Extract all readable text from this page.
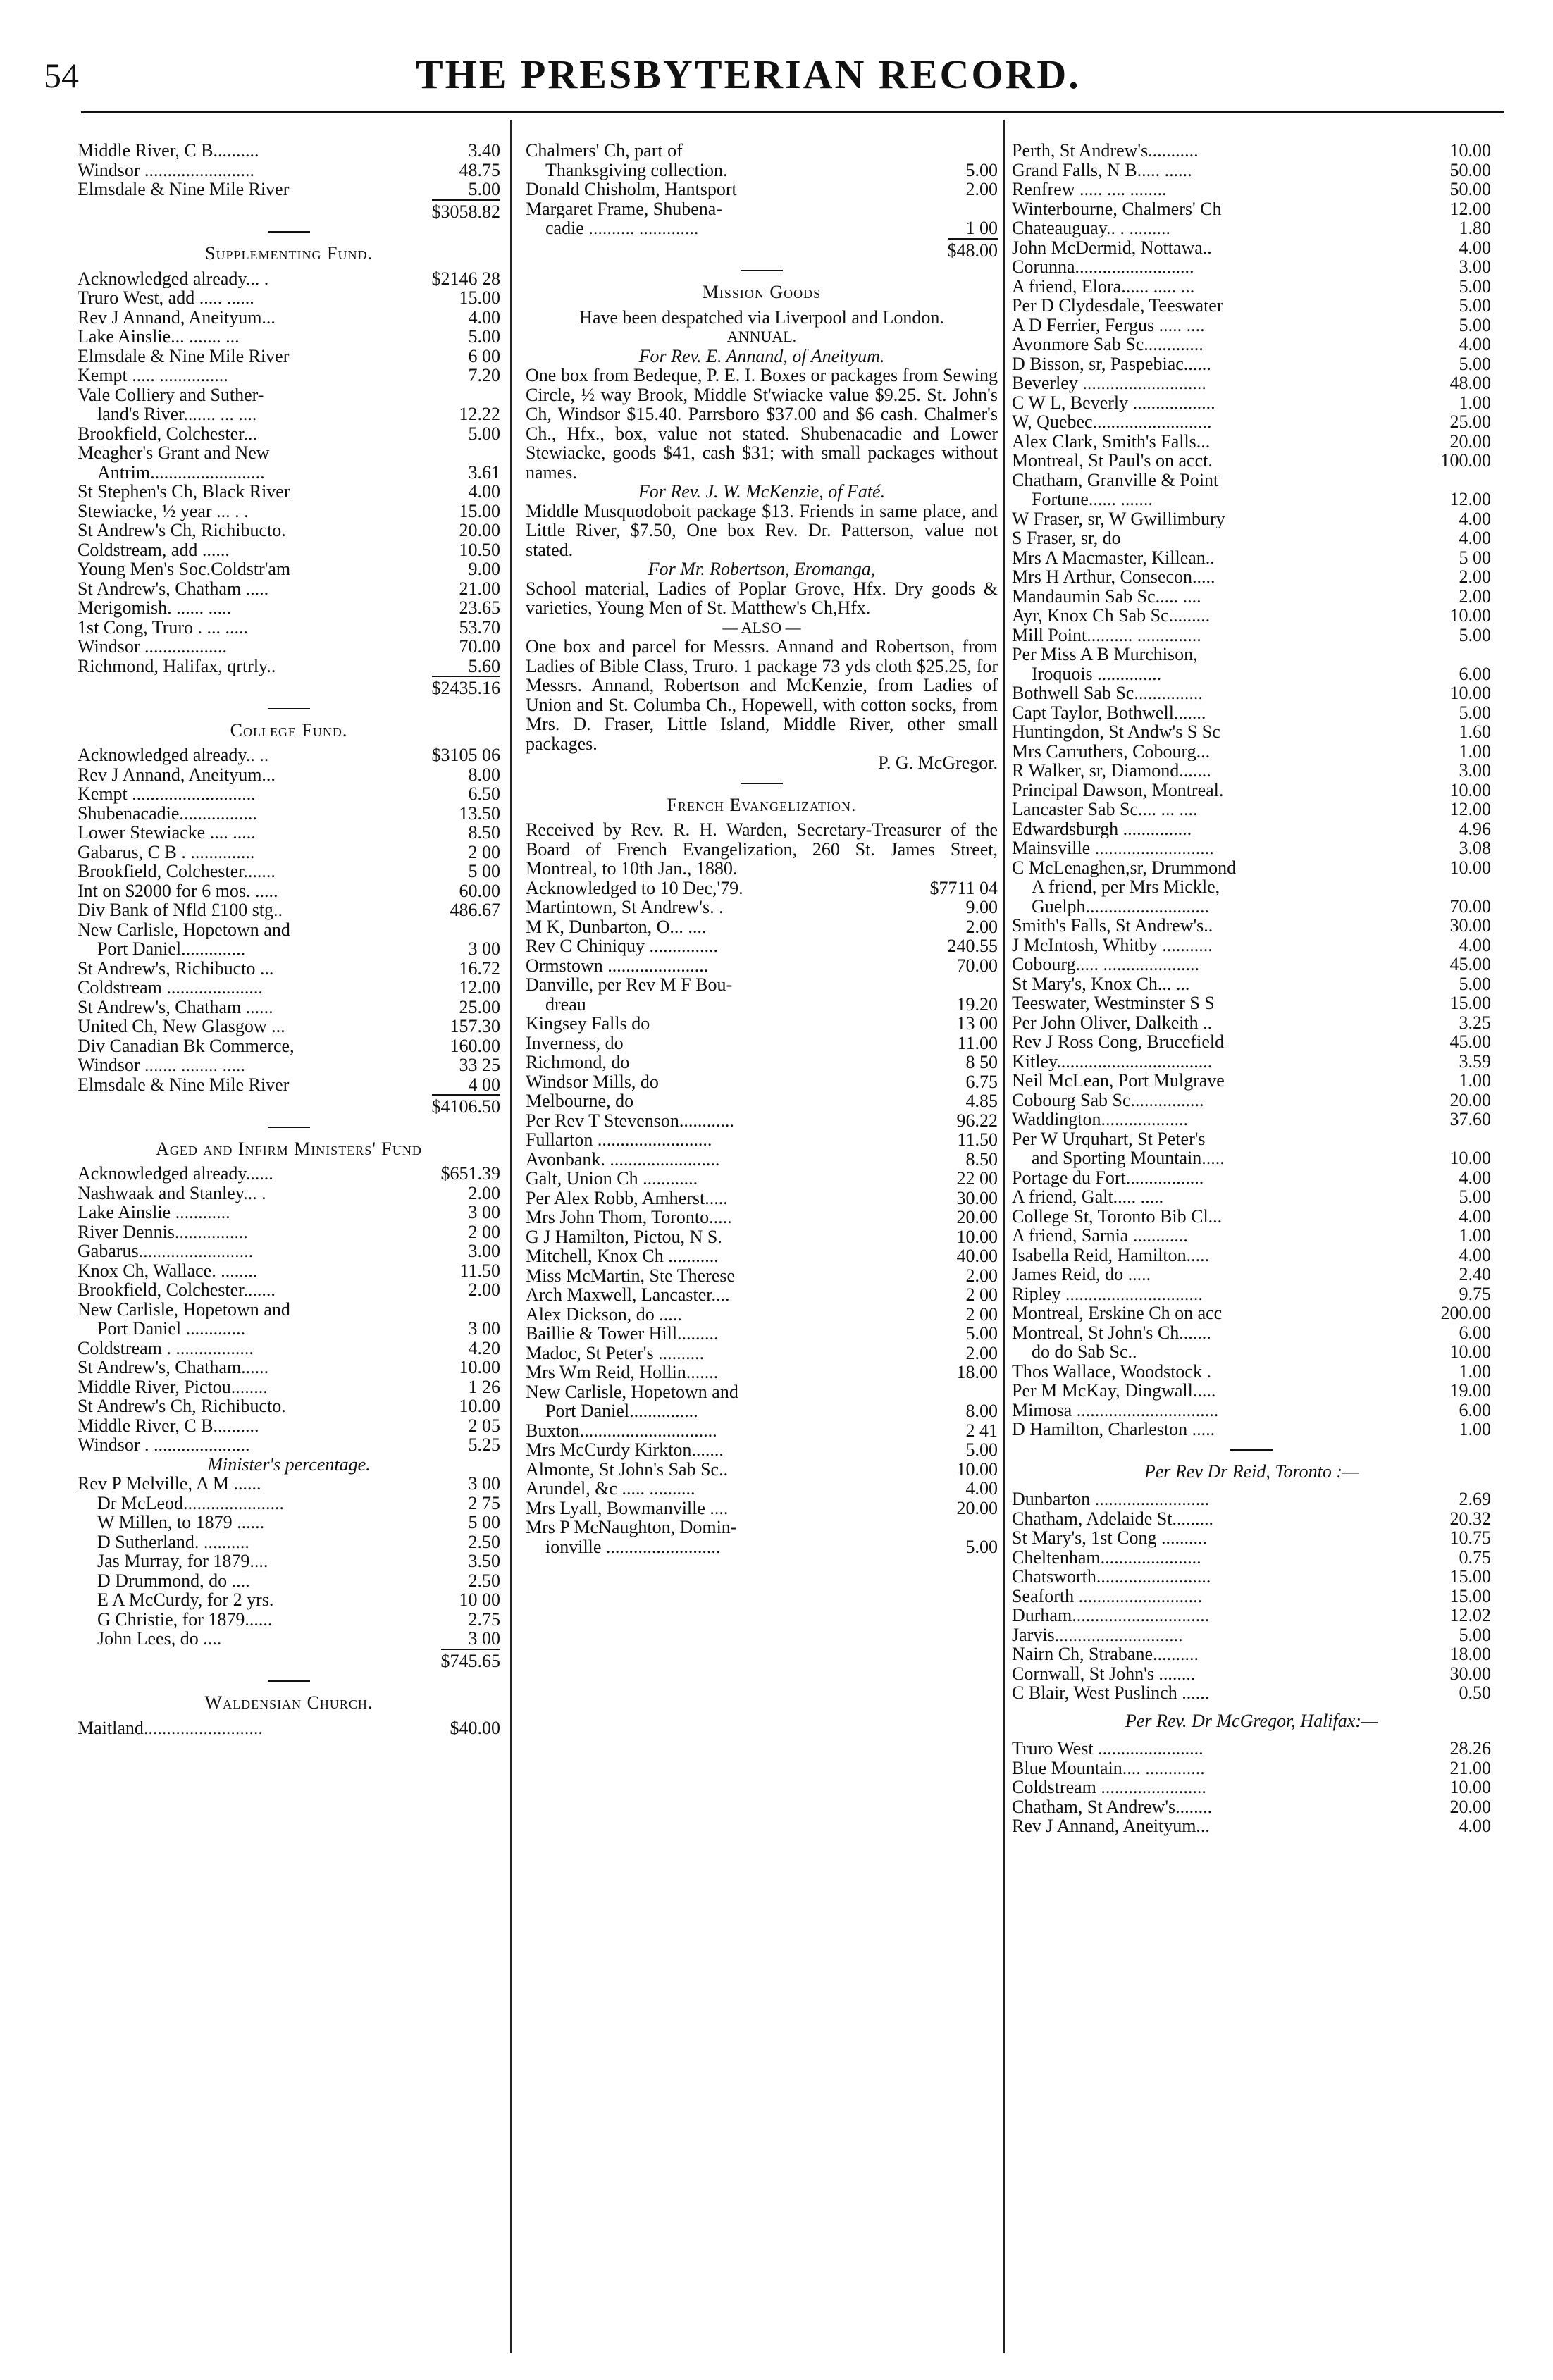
54	THE PRESBYTERIAN RECORD.
Middle River, C B..........	3.40
Windsor ........................	48.75
Elmsdale & Nine Mile River	5.00
$3058.82
Supplementing Fund.
Acknowledged already... .	$2146 28
Truro West, add ..... ......	15.00
Rev J Annand, Aneityum...	4.00
Lake Ainslie... ....... ...	5.00
Elmsdale & Nine Mile River	6 00
Kempt ..... ...............	7.20
Vale Colliery and Suther-
land's River....... ... ....	12.22
Brookfield, Colchester...	5.00
Meagher's Grant and New
Antrim.........................	3.61
St Stephen's Ch, Black River	4.00
Stewiacke, ½ year ... . .	15.00
St Andrew's Ch, Richibucto.	20.00
Coldstream, add ......	10.50
Young Men's Soc.Coldstr'am	9.00
St Andrew's, Chatham .....	21.00
Merigomish. ...... .....	23.65
1st Cong, Truro . ... .....	53.70
Windsor ..................	70.00
Richmond, Halifax, qrtrly..	5.60
$2435.16
College Fund.
Acknowledged already.. ..	$3105 06
Rev J Annand, Aneityum...	8.00
Kempt ...........................	6.50
Shubenacadie.................	13.50
Lower Stewiacke .... .....	8.50
Gabarus, C B . ..............	2 00
Brookfield, Colchester.......	5 00
Int on $2000 for 6 mos. .....	60.00
Div Bank of Nfld £100 stg..	486.67
New Carlisle, Hopetown and
Port Daniel..............	3 00
St Andrew's, Richibucto ...	16.72
Coldstream .....................	12.00
St Andrew's, Chatham ......	25.00
United Ch, New Glasgow ...	157.30
Div Canadian Bk Commerce,	160.00
Windsor ....... ........ .....	33 25
Elmsdale & Nine Mile River	4 00
$4106.50
Aged and Infirm Ministers' Fund
Acknowledged already......	$651.39
Nashwaak and Stanley... .	2.00
Lake Ainslie ............	3 00
River Dennis................	2 00
Gabarus.........................	3.00
Knox Ch, Wallace. ........	11.50
Brookfield, Colchester.......	2.00
New Carlisle, Hopetown and
Port Daniel .............	3 00
Coldstream . .................	4.20
St Andrew's, Chatham......	10.00
Middle River, Pictou........	1 26
St Andrew's Ch, Richibucto.	10.00
Middle River, C B..........	2 05
Windsor . .....................	5.25
Minister's percentage.
Rev P Melville, A M ......	3 00
Dr McLeod......................	2 75
W Millen, to 1879 ......	5 00
D Sutherland. ..........	2.50
Jas Murray, for 1879....	3.50
D Drummond, do ....	2.50
E A McCurdy, for 2 yrs.	10 00
G Christie, for 1879......	2.75
John Lees, do ....	3 00
$745.65
Waldensian Church.
Maitland..........................	$40.00
Chalmers' Ch, part of
Thanksgiving collection.	5.00
Donald Chisholm, Hantsport	2.00
Margaret Frame, Shubena-
cadie .......... .............	1 00
$48.00
Mission Goods
Have been despatched via Liverpool and London.
ANNUAL.
For Rev. E. Annand, of Aneityum.
One box from Bedeque, P. E. I. Boxes or packages from Sewing Circle, ½ way Brook, Middle St'wiacke value $9.25. St. John's Ch, Windsor $15.40. Parrsboro $37.00 and $6 cash. Chalmer's Ch., Hfx., box, value not stated. Shubenacadie and Lower Stewiacke, goods $41, cash $31; with small packages without names.
For Rev. J. W. McKenzie, of Faté.
Middle Musquodoboit package $13. Friends in same place, and Little River, $7.50, One box Rev. Dr. Patterson, value not stated.
For Mr. Robertson, Eromanga,
School material, Ladies of Poplar Grove, Hfx. Dry goods & varieties, Young Men of St. Matthew's Ch,Hfx.
— ALSO —
One box and parcel for Messrs. Annand and Robertson, from Ladies of Bible Class, Truro. 1 package 73 yds cloth $25.25, for Messrs. Annand, Robertson and McKenzie, from Ladies of Union and St. Columba Ch., Hopewell, with cotton socks, from Mrs. D. Fraser, Little Island, Middle River, other small packages.
P. G. McGregor.
French Evangelization.
Received by Rev. R. H. Warden, Secretary-Treasurer of the Board of French Evangelization, 260 St. James Street, Montreal, to 10th Jan., 1880.
Acknowledged to 10 Dec,'79.	$7711 04
Martintown, St Andrew's. .	9.00
M K, Dunbarton, O... ....	2.00
Rev C Chiniquy ...............	240.55
Ormstown ......................	70.00
Danville, per Rev M F Bou-
dreau	19.20
Kingsey Falls do	13 00
Inverness, do	11.00
Richmond, do	8 50
Windsor Mills, do	6.75
Melbourne, do	4.85
Per Rev T Stevenson............	96.22
Fullarton .........................	11.50
Avonbank. ........................	8.50
Galt, Union Ch ............	22 00
Per Alex Robb, Amherst.....	30.00
Mrs John Thom, Toronto.....	20.00
G J Hamilton, Pictou, N S.	10.00
Mitchell, Knox Ch ...........	40.00
Miss McMartin, Ste Therese	2.00
Arch Maxwell, Lancaster....	2 00
Alex Dickson, do .....	2 00
Baillie & Tower Hill.........	5.00
Madoc, St Peter's ..........	2.00
Mrs Wm Reid, Hollin.......	18.00
New Carlisle, Hopetown and
Port Daniel...............	8.00
Buxton..............................	2 41
Mrs McCurdy Kirkton.......	5.00
Almonte, St John's Sab Sc..	10.00
Arundel, &c ..... ..........	4.00
Mrs Lyall, Bowmanville ....	20.00
Mrs P McNaughton, Domin-
ionville .........................	5.00
Perth, St Andrew's...........	10.00
Grand Falls, N B..... ......	50.00
Renfrew ..... .... ........	50.00
Winterbourne, Chalmers' Ch	12.00
Chateauguay.. . .........	1.80
John McDermid, Nottawa..	4.00
Corunna..........................	3.00
A friend, Elora...... ..... ...	5.00
Per D Clydesdale, Teeswater	5.00
A D Ferrier, Fergus ..... ....	5.00
Avonmore Sab Sc.............	4.00
D Bisson, sr, Paspebiac......	5.00
Beverley ...........................	48.00
C W L, Beverly ..................	1.00
W, Quebec..........................	25.00
Alex Clark, Smith's Falls...	20.00
Montreal, St Paul's on acct.	100.00
Chatham, Granville & Point
Fortune...... .......	12.00
W Fraser, sr, W Gwillimbury	4.00
S Fraser, sr, do	4.00
Mrs A Macmaster, Killean..	5 00
Mrs H Arthur, Consecon.....	2.00
Mandaumin Sab Sc..... ....	2.00
Ayr, Knox Ch Sab Sc.........	10.00
Mill Point.......... ..............	5.00
Per Miss A B Murchison,
Iroquois ..............	6.00
Bothwell Sab Sc...............	10.00
Capt Taylor, Bothwell.......	5.00
Huntingdon, St Andw's S Sc	1.60
Mrs Carruthers, Cobourg...	1.00
R Walker, sr, Diamond.......	3.00
Principal Dawson, Montreal.	10.00
Lancaster Sab Sc.... ... ....	12.00
Edwardsburgh ...............	4.96
Mainsville ..........................	3.08
C McLenaghen,sr, Drummond	10.00
A friend, per Mrs Mickle,
Guelph...........................	70.00
Smith's Falls, St Andrew's..	30.00
J McIntosh, Whitby ...........	4.00
Cobourg..... .....................	45.00
St Mary's, Knox Ch... ...	5.00
Teeswater, Westminster S S	15.00
Per John Oliver, Dalkeith ..	3.25
Rev J Ross Cong, Brucefield	45.00
Kitley..................................	3.59
Neil McLean, Port Mulgrave	1.00
Cobourg Sab Sc................	20.00
Waddington...................	37.60
Per W Urquhart, St Peter's
and Sporting Mountain.....	10.00
Portage du Fort.................	4.00
A friend, Galt..... .....	5.00
College St, Toronto Bib Cl...	4.00
A friend, Sarnia ............	1.00
Isabella Reid, Hamilton.....	4.00
James Reid, do .....	2.40
Ripley ..............................	9.75
Montreal, Erskine Ch on acc	200.00
Montreal, St John's Ch.......	6.00
do do Sab Sc..	10.00
Thos Wallace, Woodstock .	1.00
Per M McKay, Dingwall.....	19.00
Mimosa ...............................	6.00
D Hamilton, Charleston .....	1.00
Per Rev Dr Reid, Toronto :—
Dunbarton .........................	2.69
Chatham, Adelaide St.........	20.32
St Mary's, 1st Cong ..........	10.75
Cheltenham......................	0.75
Chatsworth.........................	15.00
Seaforth ...........................	15.00
Durham..............................	12.02
Jarvis............................	5.00
Nairn Ch, Strabane..........	18.00
Cornwall, St John's ........	30.00
C Blair, West Puslinch ......	0.50
Per Rev. Dr McGregor, Halifax:—
Truro West .......................	28.26
Blue Mountain.... .............	21.00
Coldstream .......................	10.00
Chatham, St Andrew's........	20.00
Rev J Annand, Aneityum...	4.00
